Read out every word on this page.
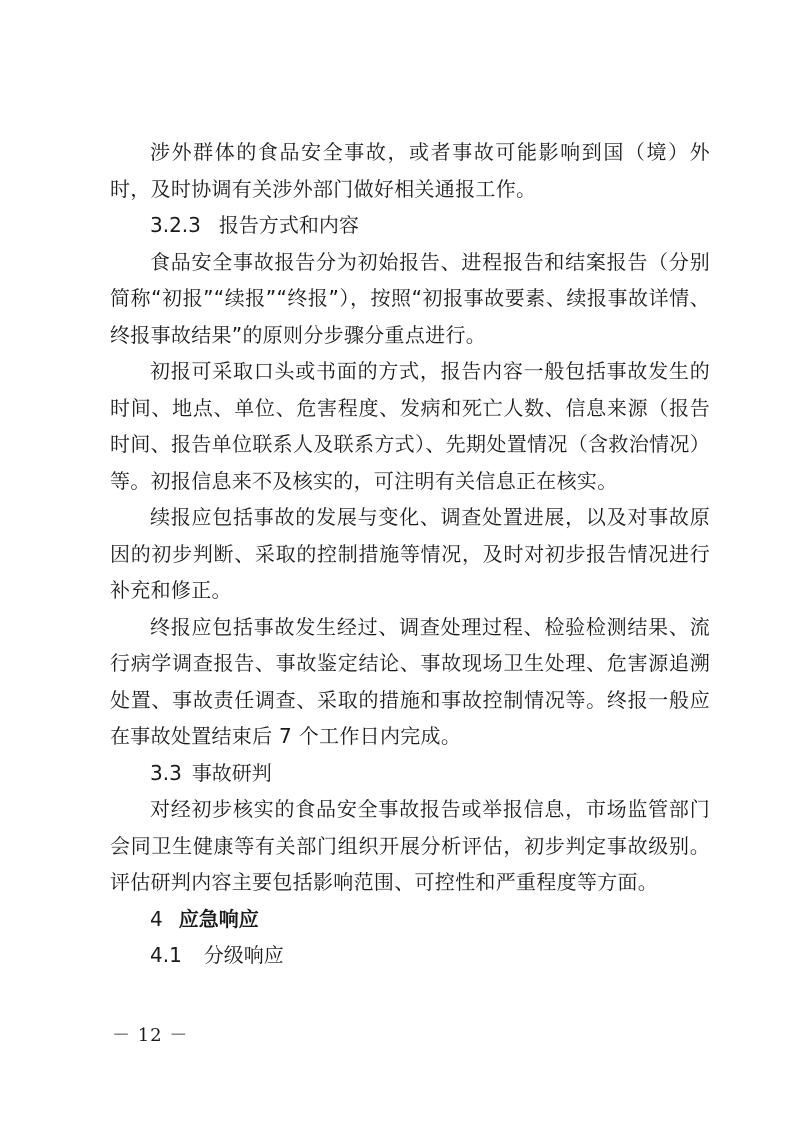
涉外群体的食品安全事故，或者事故可能影响到国（境）外时，及时协调有关涉外部门做好相关通报工作。

3.2.3 报告方式和内容

食品安全事故报告分为初始报告、进程报告和结案报告（分别简称“初报”“续报”“终报”），按照“初报事故要素、续报事故详情、终报事故结果”的原则分步骤分重点进行。

初报可采取口头或书面的方式，报告内容一般包括事故发生的时间、地点、单位、危害程度、发病和死亡人数、信息来源（报告时间、报告单位联系人及联系方式）、先期处置情况（含救治情况）等。初报信息来不及核实的，可注明有关信息正在核实。

续报应包括事故的发展与变化、调查处置进展，以及对事故原因的初步判断、采取的控制措施等情况，及时对初步报告情况进行补充和修正。

终报应包括事故发生经过、调查处理过程、检验检测结果、流行病学调查报告、事故鉴定结论、事故现场卫生处理、危害源追溯处置、事故责任调查、采取的措施和事故控制情况等。终报一般应在事故处置结束后 7 个工作日内完成。

3.3 事故研判

对经初步核实的食品安全事故报告或举报信息，市场监管部门会同卫生健康等有关部门组织开展分析评估，初步判定事故级别。评估研判内容主要包括影响范围、可控性和严重程度等方面。

4 应急响应

4.1 分级响应

－ 12 －
